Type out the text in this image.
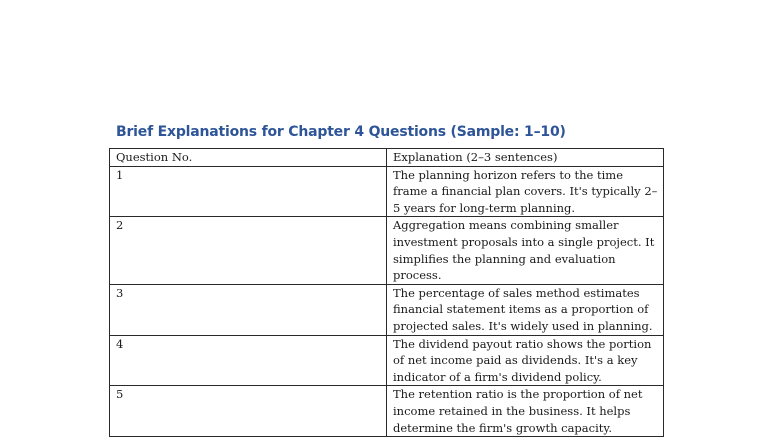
Brief Explanations for Chapter 4 Questions (Sample: 1–10)
Question No.	Explanation (2–3 sentences)
1	The planning horizon refers to the time frame a financial plan covers. It's typically 2–5 years for long-term planning.
2	Aggregation means combining smaller investment proposals into a single project. It simplifies the planning and evaluation process.
3	The percentage of sales method estimates financial statement items as a proportion of projected sales. It's widely used in planning.
4	The dividend payout ratio shows the portion of net income paid as dividends. It's a key indicator of a firm's dividend policy.
5	The retention ratio is the proportion of net income retained in the business. It helps determine the firm's growth capacity.
